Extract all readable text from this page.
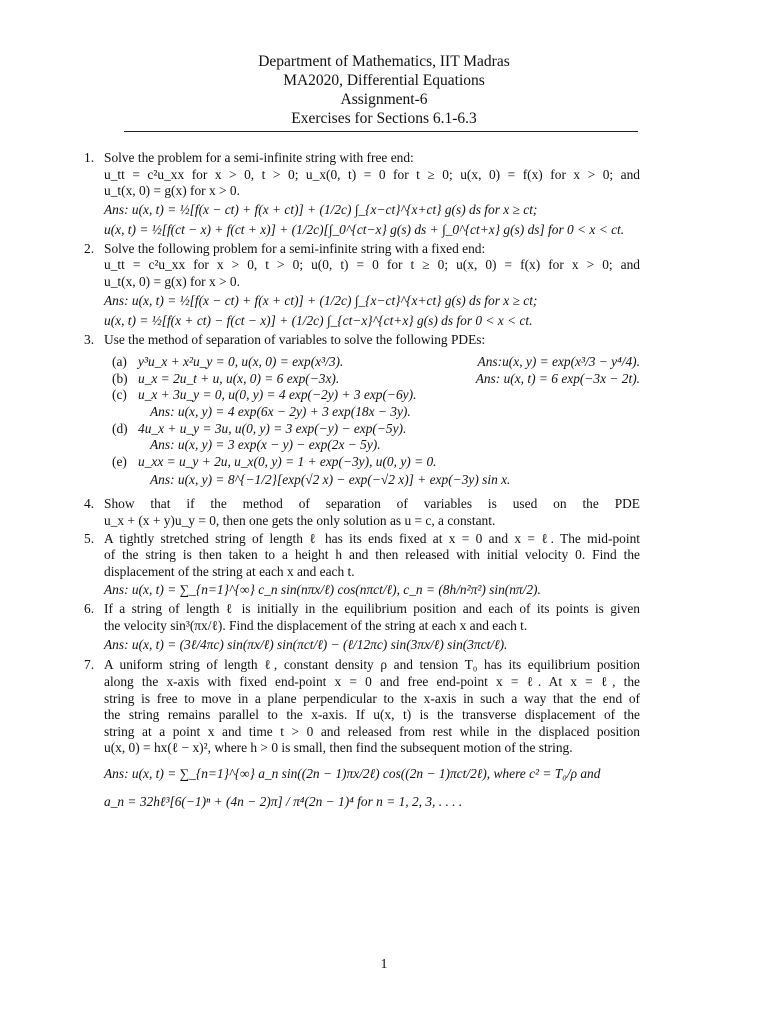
Department of Mathematics, IIT Madras
MA2020, Differential Equations
Assignment-6
Exercises for Sections 6.1-6.3
1. Solve the problem for a semi-infinite string with free end:
u_tt = c²u_xx for x > 0, t > 0; u_x(0, t) = 0 for t ≥ 0; u(x, 0) = f(x) for x > 0; and
u_t(x, 0) = g(x) for x > 0.
Ans: u(x, t) = ½[f(x − ct) + f(x + ct)] + (1/2c) ∫_{x−ct}^{x+ct} g(s) ds for x ≥ ct;
u(x, t) = ½[f(ct − x) + f(ct + x)] + (1/2c)[∫_0^{ct−x} g(s) ds + ∫_0^{ct+x} g(s) ds] for 0 < x < ct.
2. Solve the following problem for a semi-infinite string with a fixed end:
u_tt = c²u_xx for x > 0, t > 0; u(0, t) = 0 for t ≥ 0; u(x, 0) = f(x) for x > 0; and
u_t(x, 0) = g(x) for x > 0.
Ans: u(x, t) = ½[f(x − ct) + f(x + ct)] + (1/2c) ∫_{x−ct}^{x+ct} g(s) ds for x ≥ ct;
u(x, t) = ½[f(x + ct) − f(ct − x)] + (1/2c) ∫_{ct−x}^{ct+x} g(s) ds for 0 < x < ct.
3. Use the method of separation of variables to solve the following PDEs:
(a) y³u_x + x²u_y = 0, u(x, 0) = exp(x³/3).	Ans:u(x, y) = exp(x³/3 − y⁴/4).
(b) u_x = 2u_t + u, u(x, 0) = 6 exp(−3x).	Ans: u(x, t) = 6 exp(−3x − 2t).
(c) u_x + 3u_y = 0, u(0, y) = 4 exp(−2y) + 3 exp(−6y).
Ans: u(x, y) = 4 exp(6x − 2y) + 3 exp(18x − 3y).
(d) 4u_x + u_y = 3u, u(0, y) = 3 exp(−y) − exp(−5y).
Ans: u(x, y) = 3 exp(x − y) − exp(2x − 5y).
(e) u_xx = u_y + 2u, u_x(0, y) = 1 + exp(−3y), u(0, y) = 0.
Ans: u(x, y) = 8^{−1/2}[exp(√2 x) − exp(−√2 x)] + exp(−3y) sin x.
4. Show that if the method of separation of variables is used on the PDE
u_x + (x + y)u_y = 0, then one gets the only solution as u = c, a constant.
5. A tightly stretched string of length ℓ has its ends fixed at x = 0 and x = ℓ. The mid-point
of the string is then taken to a height h and then released with initial velocity 0. Find the
displacement of the string at each x and each t.
Ans: u(x, t) = ∑_{n=1}^{∞} c_n sin(nπx/ℓ) cos(nπct/ℓ), c_n = (8h/n²π²) sin(nπ/2).
6. If a string of length ℓ is initially in the equilibrium position and each of its points is given
the velocity sin³(πx/ℓ). Find the displacement of the string at each x and each t.
Ans: u(x, t) = (3ℓ/4πc) sin(πx/ℓ) sin(πct/ℓ) − (ℓ/12πc) sin(3πx/ℓ) sin(3πct/ℓ).
7. A uniform string of length ℓ, constant density ρ and tension T₀ has its equilibrium position
along the x-axis with fixed end-point x = 0 and free end-point x = ℓ. At x = ℓ, the
string is free to move in a plane perpendicular to the x-axis in such a way that the end of
the string remains parallel to the x-axis. If u(x, t) is the transverse displacement of the
string at a point x and time t > 0 and released from rest while in the displaced position
u(x, 0) = hx(ℓ − x)², where h > 0 is small, then find the subsequent motion of the string.
Ans: u(x, t) = ∑_{n=1}^{∞} a_n sin((2n − 1)πx/2ℓ) cos((2n − 1)πct/2ℓ), where c² = T₀/ρ and
a_n = 32hℓ³[6(−1)ⁿ + (4n − 2)π] / π⁴(2n − 1)⁴ for n = 1, 2, 3, . . . .
1
